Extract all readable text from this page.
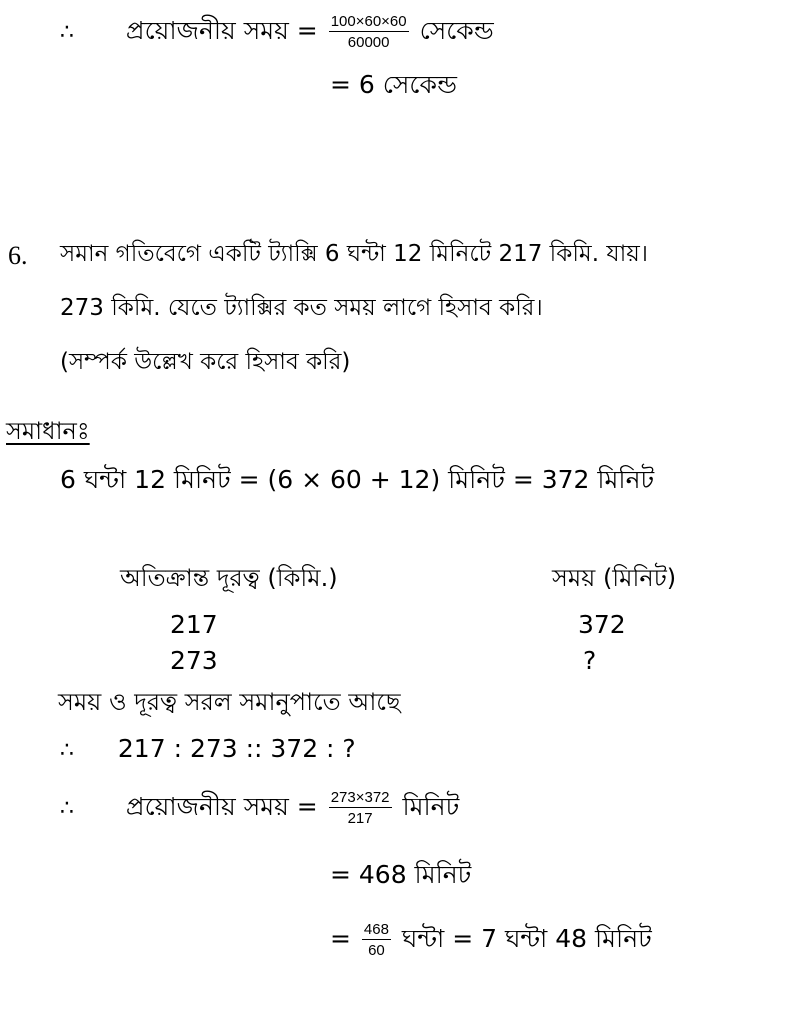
∴ প্রয়োজনীয় সময় = $\frac{100\times 60\times 60}{60000}$ সেকেন্ড
= 6 সেকেন্ড
6. সমান গতিবেগে একটি ট্যাক্সি 6 ঘন্টা 12 মিনিটে 217 কিমি. যায়।
273 কিমি. যেতে ট্যাক্সির কত সময় লাগে হিসাব করি।
(সম্পর্ক উল্লেখ করে হিসাব করি)
সমাধানঃ
6 ঘন্টা 12 মিনিট = (6 × 60 + 12) মিনিট = 372 মিনিট
অতিক্রান্ত দূরত্ব (কিমি.)	সময় (মিনিট)
217	372
273	?
সময় ও দূরত্ব সরল সমানুপাতে আছে
∴ 217 : 273 :: 372 : ?
∴ প্রয়োজনীয় সময় = $\frac{273\times 372}{217}$ মিনিট
= 468 মিনিট
= $\frac{468}{60}$ ঘন্টা = 7 ঘন্টা 48 মিনিট
